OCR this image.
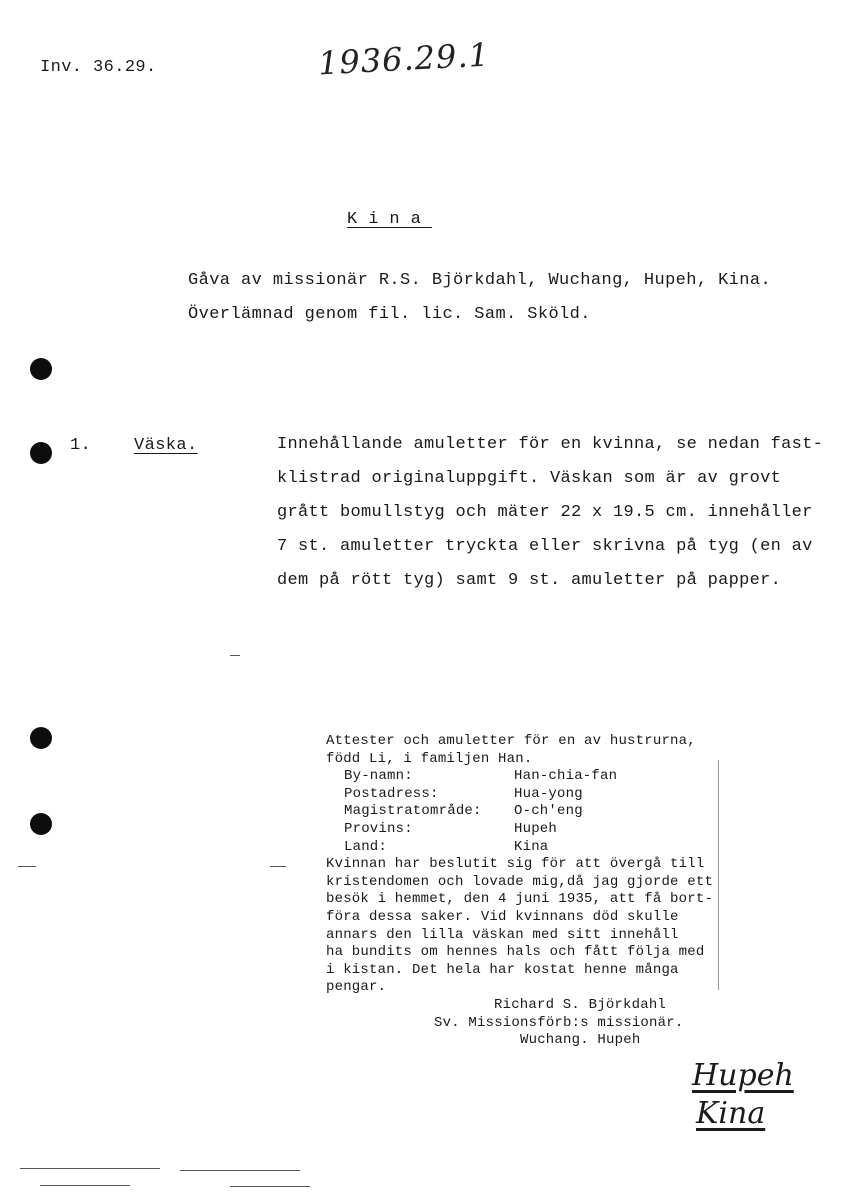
Inv. 36.29.	1936.29.1
Kina
Gåva av missionär R.S. Björkdahl, Wuchang, Hupeh, Kina.
Överlämnad genom fil. lic. Sam. Sköld.
1.	Väska.	Innehållande amuletter för en kvinna, se nedan fast-
klistrad originaluppgift. Väskan som är av grovt
grått bomullstyg och mäter 22 x 19.5 cm. innehåller
7 st. amuletter tryckta eller skrivna på tyg (en av
dem på rött tyg) samt 9 st. amuletter på papper.
Attester och amuletter för en av hustrurna,
född Li, i familjen Han.
By-namn:	Han-chia-fan
Postadress:	Hua-yong
Magistratområde:	O-ch'eng
Provins:	Hupeh
Land:	Kina
Kvinnan har beslutit sig för att övergå till
kristendomen och lovade mig,då jag gjorde ett
besök i hemmet, den 4 juni 1935, att få bort-
föra dessa saker. Vid kvinnans död skulle
annars den lilla väskan med sitt innehåll
ha bundits om hennes hals och fått följa med
i kistan. Det hela har kostat henne många
pengar.
Richard S. Björkdahl
Sv. Missionsförb:s missionär.
Wuchang. Hupeh
Hupeh
Kina
